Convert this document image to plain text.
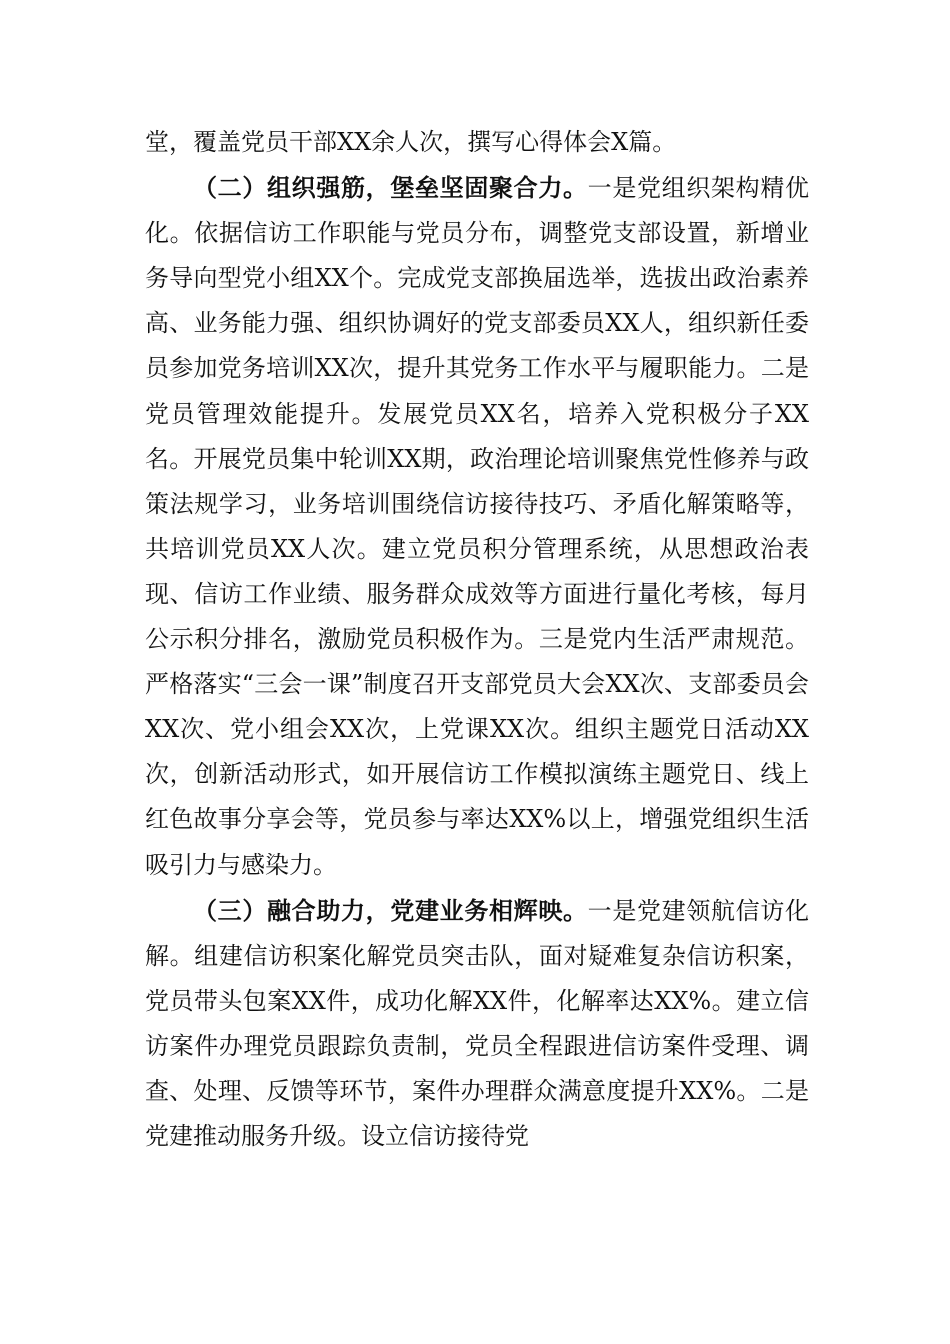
堂，覆盖党员干部XX余人次，撰写心得体会X篇。

（二）组织强筋，堡垒坚固聚合力。一是党组织架构精优化。依据信访工作职能与党员分布，调整党支部设置，新增业务导向型党小组XX个。完成党支部换届选举，选拔出政治素养高、业务能力强、组织协调好的党支部委员XX人，组织新任委员参加党务培训XX次，提升其党务工作水平与履职能力。二是党员管理效能提升。发展党员XX名，培养入党积极分子XX名。开展党员集中轮训XX期，政治理论培训聚焦党性修养与政策法规学习，业务培训围绕信访接待技巧、矛盾化解策略等，共培训党员XX人次。建立党员积分管理系统，从思想政治表现、信访工作业绩、服务群众成效等方面进行量化考核，每月公示积分排名，激励党员积极作为。三是党内生活严肃规范。严格落实“三会一课”制度召开支部党员大会XX次、支部委员会XX次、党小组会XX次，上党课XX次。组织主题党日活动XX次，创新活动形式，如开展信访工作模拟演练主题党日、线上红色故事分享会等，党员参与率达XX%以上，增强党组织生活吸引力与感染力。

（三）融合助力，党建业务相辉映。一是党建领航信访化解。组建信访积案化解党员突击队，面对疑难复杂信访积案，党员带头包案XX件，成功化解XX件，化解率达XX%。建立信访案件办理党员跟踪负责制，党员全程跟进信访案件受理、调查、处理、反馈等环节，案件办理群众满意度提升XX%。二是党建推动服务升级。设立信访接待党
